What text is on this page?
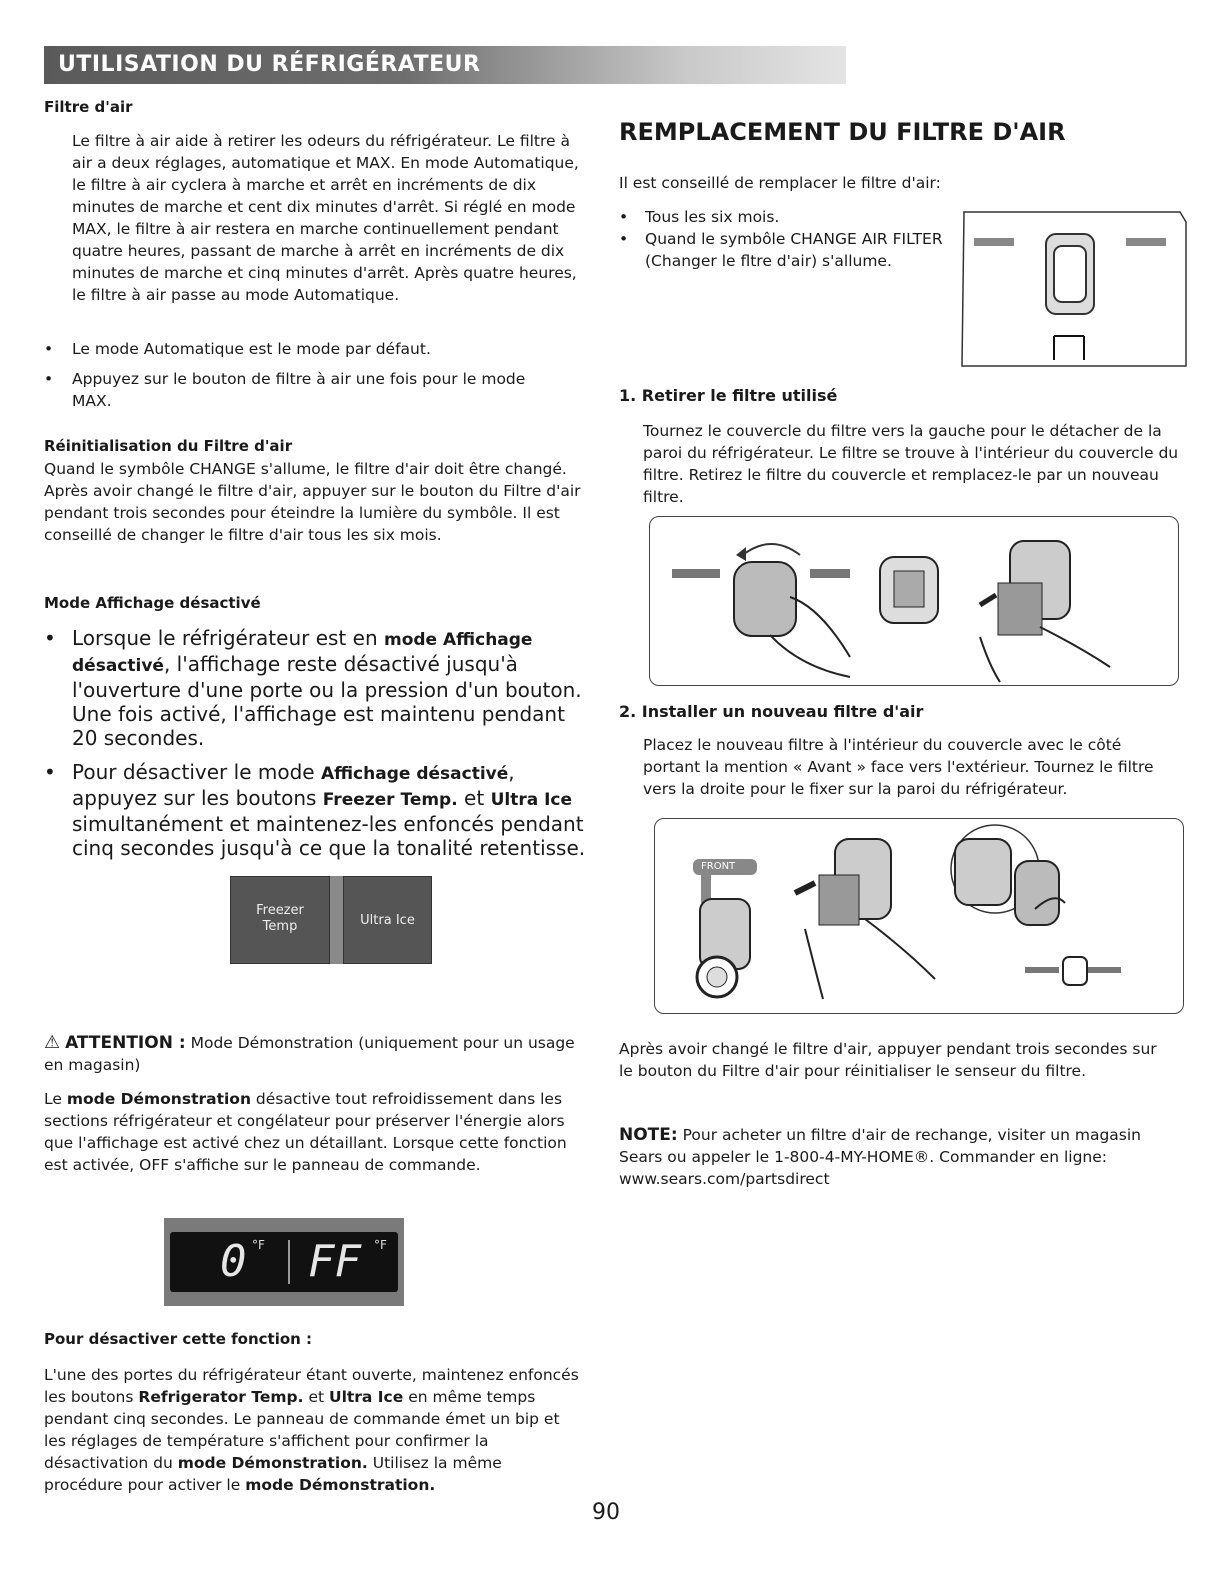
UTILISATION DU RÉFRIGÉRATEUR
Filtre d'air
Le filtre à air aide à retirer les odeurs du réfrigérateur. Le filtre à air a deux réglages, automatique et MAX. En mode Automatique, le filtre à air cyclera à marche et arrêt en incréments de dix minutes de marche et cent dix minutes d'arrêt. Si réglé en mode MAX, le filtre à air restera en marche continuellement pendant quatre heures, passant de marche à arrêt en incréments de dix minutes de marche et cinq minutes d'arrêt. Après quatre heures, le filtre à air passe au mode Automatique.
• Le mode Automatique est le mode par défaut.
• Appuyez sur le bouton de filtre à air une fois pour le mode MAX.
Réinitialisation du Filtre d'air
Quand le symbôle CHANGE s'allume, le filtre d'air doit être changé. Après avoir changé le filtre d'air, appuyer sur le bouton du Filtre d'air pendant trois secondes pour éteindre la lumière du symbôle. Il est conseillé de changer le filtre d'air tous les six mois.
Mode Affichage désactivé
• Lorsque le réfrigérateur est en mode Affichage désactivé, l'affichage reste désactivé jusqu'à l'ouverture d'une porte ou la pression d'un bouton. Une fois activé, l'affichage est maintenu pendant 20 secondes.
• Pour désactiver le mode Affichage désactivé, appuyez sur les boutons Freezer Temp. et Ultra Ice simultanément et maintenez-les enfoncés pendant cinq secondes jusqu'à ce que la tonalité retentisse.
Freezer
Temp	Ultra Ice
⚠ ATTENTION : Mode Démonstration (uniquement pour un usage en magasin)
Le mode Démonstration désactive tout refroidissement dans les sections réfrigérateur et congélateur pour préserver l'énergie alors que l'affichage est activé chez un détaillant. Lorsque cette fonction est activée, OFF s'affiche sur le panneau de commande.
0 °F FF °F
Pour désactiver cette fonction :
L'une des portes du réfrigérateur étant ouverte, maintenez enfoncés les boutons Refrigerator Temp. et Ultra Ice en même temps pendant cinq secondes. Le panneau de commande émet un bip et les réglages de température s'affichent pour confirmer la désactivation du mode Démonstration. Utilisez la même procédure pour activer le mode Démonstration.
REMPLACEMENT DU FILTRE D'AIR
Il est conseillé de remplacer le filtre d'air:
• Tous les six mois.
• Quand le symbôle CHANGE AIR FILTER (Changer le fltre d'air) s'allume.
1. Retirer le filtre utilisé
Tournez le couvercle du filtre vers la gauche pour le détacher de la paroi du réfrigérateur. Le filtre se trouve à l'intérieur du couvercle du filtre. Retirez le filtre du couvercle et remplacez-le par un nouveau filtre.
2. Installer un nouveau filtre d'air
Placez le nouveau filtre à l'intérieur du couvercle avec le côté portant la mention « Avant » face vers l'extérieur. Tournez le filtre vers la droite pour le fixer sur la paroi du réfrigérateur.
FRONT
Après avoir changé le filtre d'air, appuyer pendant trois secondes sur le bouton du Filtre d'air pour réinitialiser le senseur du filtre.
NOTE: Pour acheter un filtre d'air de rechange, visiter un magasin Sears ou appeler le 1-800-4-MY-HOME®. Commander en ligne: www.sears.com/partsdirect
90
